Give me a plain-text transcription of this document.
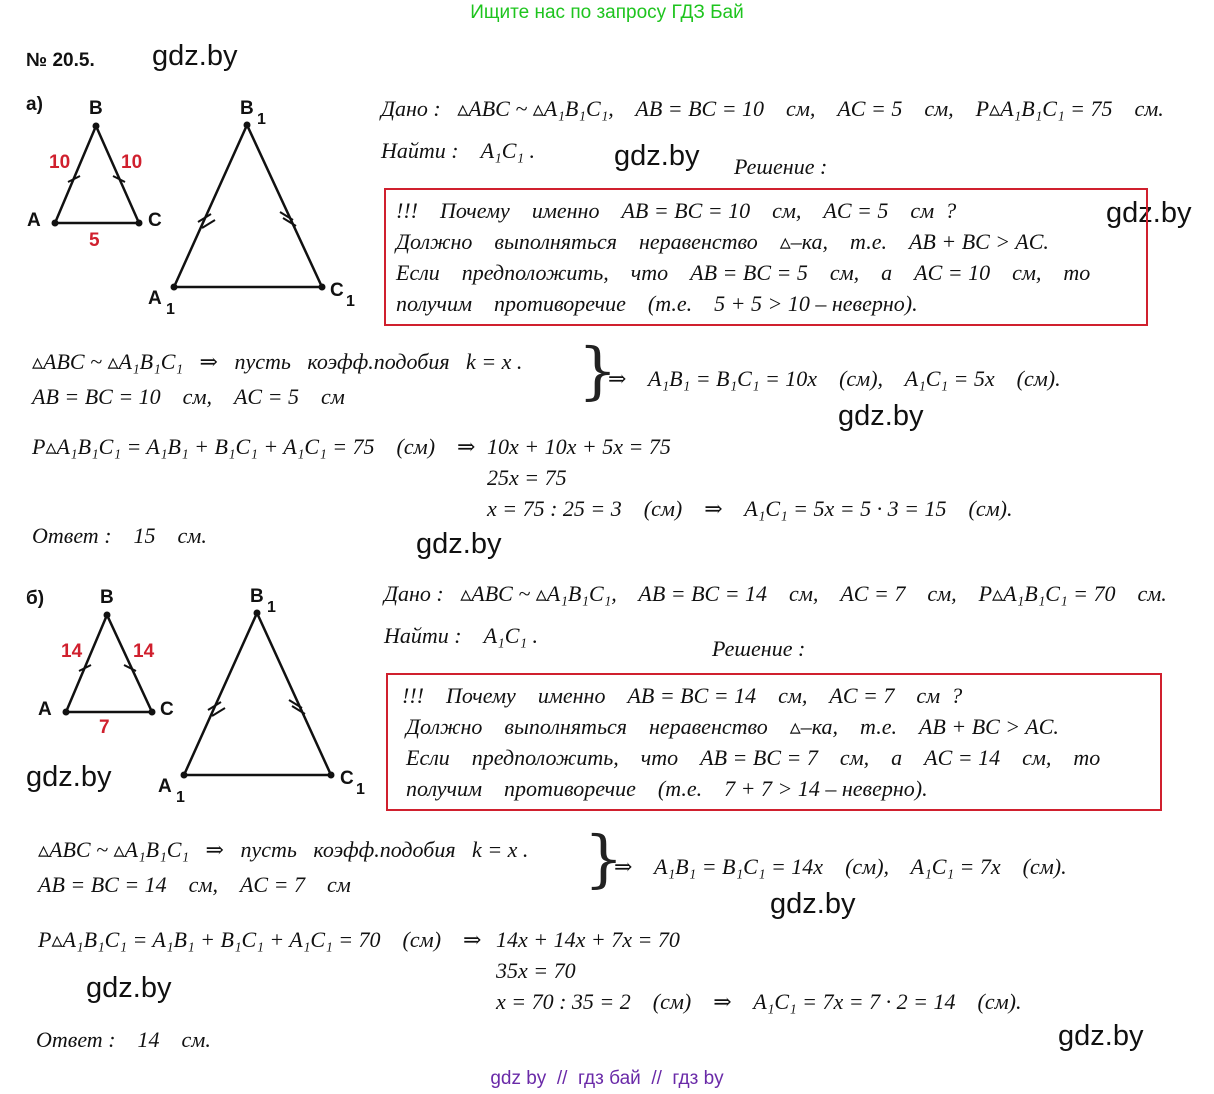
Ищите нас по запросу ГДЗ Бай
№ 20.5. gdz.by
gdz.by
gdz.by
gdz.by
gdz.by
gdz.by
gdz.by
gdz.by
gdz.by
а) B
A	C
10	10
5
B
1
A
1
C
1
Дано :   ▵ABC ~ ▵A₁B₁C₁,    AB = BC = 10    см,    AC = 5    см,    P▵A₁B₁C₁ = 75    см.
Найти :    A₁C₁ .
Решение :
!!!    Почему    именно    AB = BC = 10    см,    AC = 5    см  ?
Должно    выполняться    неравенство    ▵–ка,    т.е.    AB + BC > AC.
Если    предположить,    что    AB = BC = 5    см,    а    AC = 10    см,    то
получим    противоречие    (т.е.    5 + 5 > 10 – неверно).
▵ABC ~ ▵A₁B₁C₁   ⇒   пусть   коэфф.подобия   k = x .
AB = BC = 10    см,    AC = 5    см	}
⇒    A₁B₁ = B₁C₁ = 10x    (см),    A₁C₁ = 5x    (см).
P▵A₁B₁C₁ = A₁B₁ + B₁C₁ + A₁C₁ = 75    (см)    ⇒ 10x + 10x + 5x = 75
25x = 75
x = 75 : 25 = 3    (см)    ⇒    A₁C₁ = 5x = 5 · 3 = 15    (см).
Ответ :    15    см.
б)	B
A	C
14	14
7
B
1
A
1
C
1
Дано :   ▵ABC ~ ▵A₁B₁C₁,    AB = BC = 14    см,    AC = 7    см,    P▵A₁B₁C₁ = 70    см.
Найти :    A₁C₁ .
Решение :
!!!    Почему    именно    AB = BC = 14    см,    AC = 7    см  ?
Должно    выполняться    неравенство    ▵–ка,    т.е.    AB + BC > AC.
Если    предположить,    что    AB = BC = 7    см,    а    AC = 14    см,    то
получим    противоречие    (т.е.    7 + 7 > 14 – неверно).
▵ABC ~ ▵A₁B₁C₁   ⇒   пусть   коэфф.подобия   k = x .
AB = BC = 14    см,    AC = 7    см	}
⇒    A₁B₁ = B₁C₁ = 14x    (см),    A₁C₁ = 7x    (см).
P▵A₁B₁C₁ = A₁B₁ + B₁C₁ + A₁C₁ = 70    (см)    ⇒ 14x + 14x + 7x = 70
35x = 70
x = 70 : 35 = 2    (см)    ⇒    A₁C₁ = 7x = 7 · 2 = 14    (см).
Ответ :    14    см.
gdz by  //  гдз бай  //  гдз by
